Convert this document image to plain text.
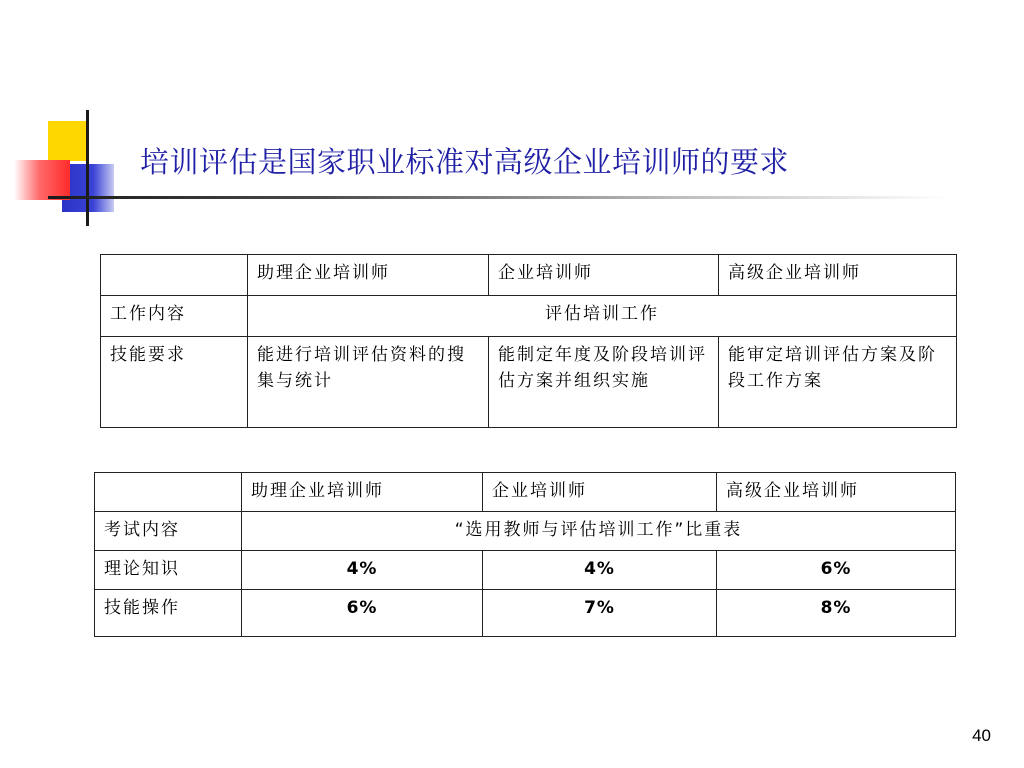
培训评估是国家职业标准对高级企业培训师的要求
	助理企业培训师	企业培训师	高级企业培训师
工作内容	评估培训工作		
技能要求	能进行培训评估资料的搜集与统计	能制定年度及阶段培训评估方案并组织实施	能审定培训评估方案及阶段工作方案
	助理企业培训师	企业培训师	高级企业培训师
考试内容	“选用教师与评估培训工作”比重表		
理论知识	4%	4%	6%
技能操作	6%	7%	8%
40
